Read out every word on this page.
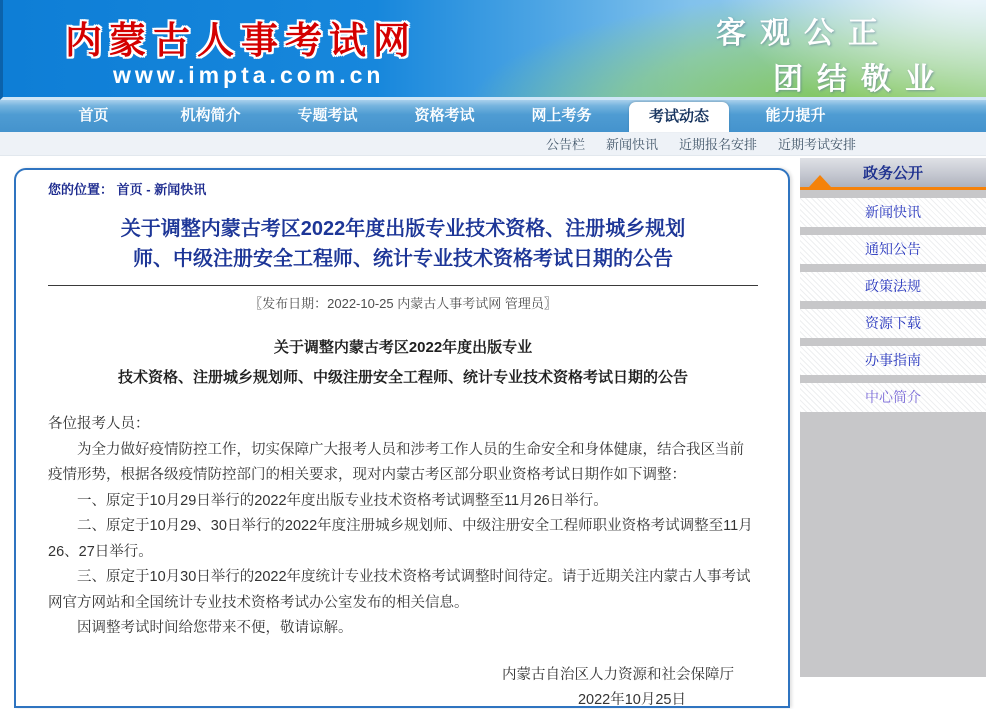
内蒙古人事考试网
www.impta.com.cn
客观公正
团结敬业
首页	机构简介	专题考试	资格考试	网上考务	考试动态	能力提升
公告栏 新闻快讯 近期报名安排 近期考试安排
您的位置： 首页 - 新闻快讯
关于调整内蒙古考区2022年度出版专业技术资格、注册城乡规划
师、中级注册安全工程师、统计专业技术资格考试日期的公告
〖发布日期：2022-10-25 内蒙古人事考试网 管理员〗
关于调整内蒙古考区2022年度出版专业
技术资格、注册城乡规划师、中级注册安全工程师、统计专业技术资格考试日期的公告

各位报考人员：

为全力做好疫情防控工作，切实保障广大报考人员和涉考工作人员的生命安全和身体健康，结合我区当前疫情形势，根据各级疫情防控部门的相关要求，现对内蒙古考区部分职业资格考试日期作如下调整：

一、原定于10月29日举行的2022年度出版专业技术资格考试调整至11月26日举行。

二、原定于10月29、30日举行的2022年度注册城乡规划师、中级注册安全工程师职业资格考试调整至11月26、27日举行。

三、原定于10月30日举行的2022年度统计专业技术资格考试调整时间待定。请于近期关注内蒙古人事考试网官方网站和全国统计专业技术资格考试办公室发布的相关信息。

因调整考试时间给您带来不便，敬请谅解。

内蒙古自治区人力资源和社会保障厅
2022年10月25日
政务公开
新闻快讯
通知公告
政策法规
资源下载
办事指南
中心简介
